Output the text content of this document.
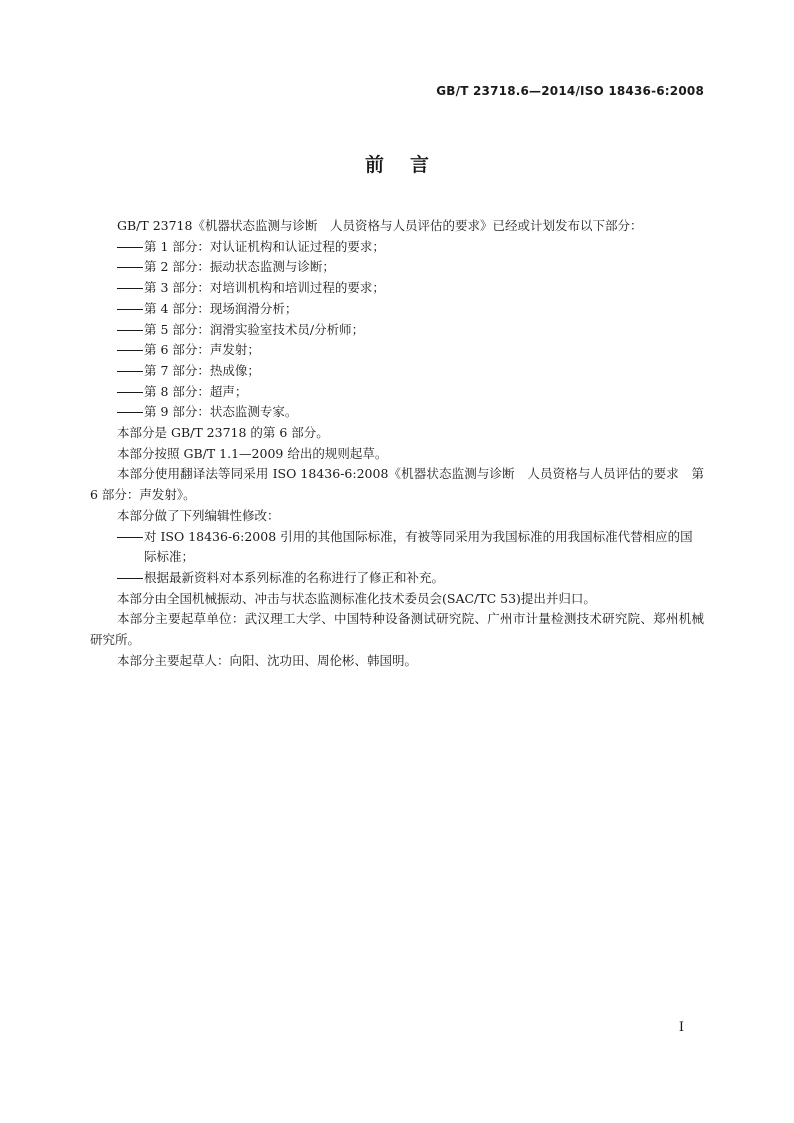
GB/T 23718.6—2014/ISO 18436-6:2008
前言

GB/T 23718《机器状态监测与诊断　人员资格与人员评估的要求》已经或计划发布以下部分：

第 1 部分：对认证机构和认证过程的要求；

第 2 部分：振动状态监测与诊断；

第 3 部分：对培训机构和培训过程的要求；

第 4 部分：现场润滑分析；

第 5 部分：润滑实验室技术员/分析师；

第 6 部分：声发射；

第 7 部分：热成像；

第 8 部分：超声；

第 9 部分：状态监测专家。

本部分是 GB/T 23718 的第 6 部分。

本部分按照 GB/T 1.1—2009 给出的规则起草。

本部分使用翻译法等同采用 ISO 18436-6:2008《机器状态监测与诊断　人员资格与人员评估的要求　第 6 部分：声发射》。

本部分做了下列编辑性修改：

对 ISO 18436-6:2008 引用的其他国际标准，有被等同采用为我国标准的用我国标准代替相应的国际标准；

根据最新资料对本系列标准的名称进行了修正和补充。

本部分由全国机械振动、冲击与状态监测标准化技术委员会(SAC/TC 53)提出并归口。

本部分主要起草单位：武汉理工大学、中国特种设备测试研究院、广州市计量检测技术研究院、郑州机械研究所。

本部分主要起草人：向阳、沈功田、周伦彬、韩国明。

I
